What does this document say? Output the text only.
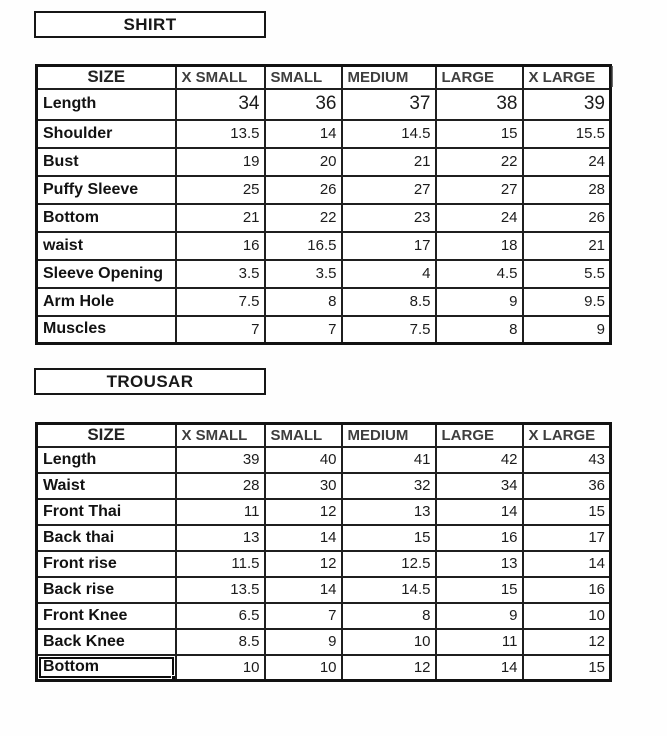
SHIRT
SIZE	X SMALL	SMALL	MEDIUM	LARGE	X LARGE
Length	34	36	37	38	39
Shoulder	13.5	14	14.5	15	15.5
Bust	19	20	21	22	24
Puffy Sleeve	25	26	27	27	28
Bottom	21	22	23	24	26
waist	16	16.5	17	18	21
Sleeve Opening	3.5	3.5	4	4.5	5.5
Arm Hole	7.5	8	8.5	9	9.5
Muscles	7	7	7.5	8	9
TROUSAR
SIZE	X SMALL	SMALL	MEDIUM	LARGE	X LARGE
Length	39	40	41	42	43
Waist	28	30	32	34	36
Front Thai	11	12	13	14	15
Back thai	13	14	15	16	17
Front rise	11.5	12	12.5	13	14
Back rise	13.5	14	14.5	15	16
Front Knee	6.5	7	8	9	10
Back Knee	8.5	9	10	11	12
Bottom	10	10	12	14	15
